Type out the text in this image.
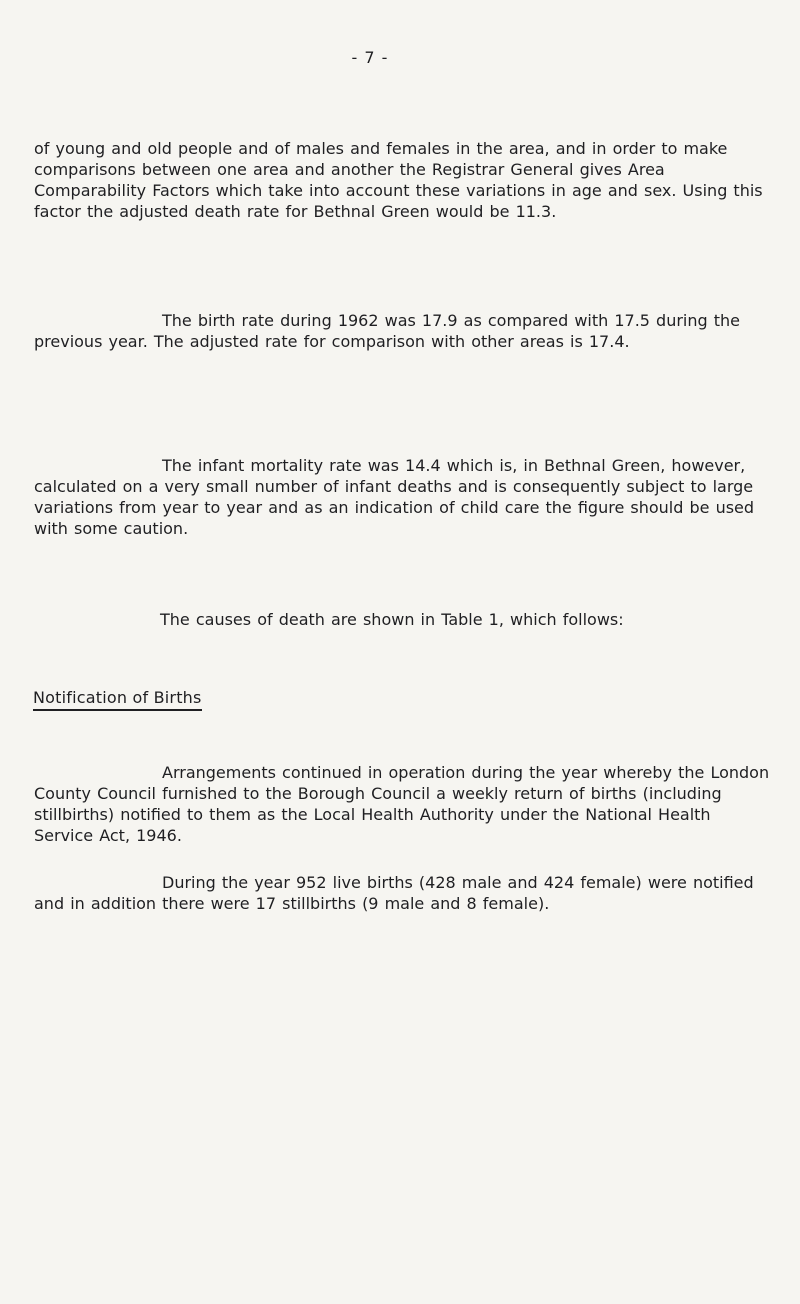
- 7 -

of young and old people and of males and females in the area, and in order to make comparisons between one area and another the Registrar General gives Area Comparability Factors which take into account these variations in age and sex. Using this factor the adjusted death rate for Bethnal Green would be 11.3.

The birth rate during 1962 was 17.9 as compared with 17.5 during the previous year. The adjusted rate for comparison with other areas is 17.4.

The infant mortality rate was 14.4 which is, in Bethnal Green, however, calculated on a very small number of infant deaths and is consequently subject to large variations from year to year and as an indication of child care the figure should be used with some caution.

The causes of death are shown in Table 1, which follows:

Notification of Births

Arrangements continued in operation during the year whereby the London County Council furnished to the Borough Council a weekly return of births (including stillbirths) notified to them as the Local Health Authority under the National Health Service Act, 1946.

During the year 952 live births (428 male and 424 female) were notified and in addition there were 17 stillbirths (9 male and 8 female).
